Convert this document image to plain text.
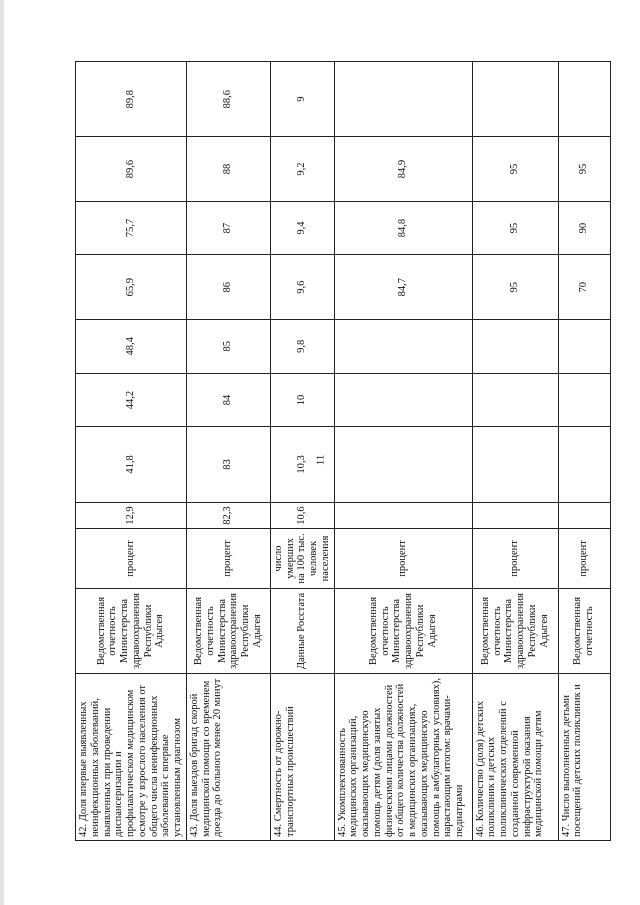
11
42. Доля впервые выявленных неинфекционных заболеваний, выявленных при проведении диспансеризации и профилактическом медицинском осмотре у взрослого населения от общего числа неинфекционных заболеваний с впервые установленным диагнозом	Ведомственная отчетность Министерства здравоохранения Республики Адыгея	процент	12,9	41,8	44,2	48,4	65,9	75,7	89,6	89,8
43. Доля выездов бригад скорой медицинской помощи со временем доезда до больного менее 20 минут	Ведомственная отчетность Министерства здравоохранения Республики Адыгея	процент	82,3	83	84	85	86	87	88	88,6
44. Смертность от дорожно-транспортных происшествий	Данные Росстата	число умерших на 100 тыс. человек населения	10,6	10,3	10	9,8	9,6	9,4	9,2	9
45. Укомплектованность медицинских организаций, оказывающих медицинскую помощь детям (доля занятых физическими лицами должностей от общего количества должностей в медицинских организациях, оказывающих медицинскую помощь в амбулаторных условиях), нарастающим итогом: врачами-педиатрами	Ведомственная отчетность Министерства здравоохранения Республики Адыгея	процент					84,7	84,8	84,9	
46. Количество (доля) детских поликлиник и детских поликлинических отделений с созданной современной инфраструктурой оказания медицинской помощи детям	Ведомственная отчетность Министерства здравоохранения Республики Адыгея	процент					95	95	95	
47. Число выполненных детьми посещений детских поликлиник и	Ведомственная отчетность	процент					70	90	95	
